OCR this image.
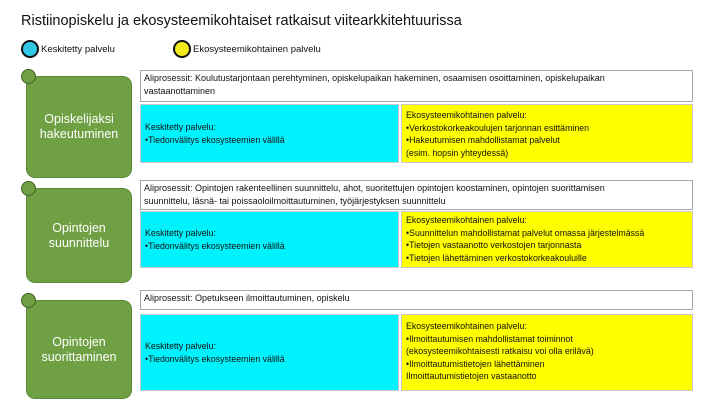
Ristiinopiskelu ja ekosysteemikohtaiset ratkaisut viitearkkitehtuurissa
Keskitetty palvelu	Ekosysteemikohtainen palvelu
Opiskelijaksi
hakeutuminen
Aliprosessit: Koulutustarjontaan perehtyminen, opiskelupaikan hakeminen, osaamisen osoittaminen, opiskelupaikan
vastaanottaminen
Keskitetty palvelu:
•Tiedonvälitys ekosysteemien välillä
Ekosysteemikohtainen palvelu:
•Verkostokorkeakoulujen tarjonnan esittäminen
•Hakeutumisen mahdollistamat palvelut
(esim. hopsin yhteydessä)
Opintojen
suunnittelu
Aliprosessit: Opintojen rakenteellinen suunnittelu, ahot, suoritettujen opintojen koostaminen, opintojen suorittamisen
suunnittelu, läsnä- tai poissaoloilmoittautuminen, työjärjestyksen suunnittelu
Keskitetty palvelu:
•Tiedonvälitys ekosysteemien välillä
Ekosysteemikohtainen palvelu:
•Suunnittelun mahdollistamat palvelut omassa järjestelmässä
•Tietojen vastaanotto verkostojen tarjonnasta
•Tietojen lähettäminen verkostokorkeakouluille
Opintojen
suorittaminen
Aliprosessit: Opetukseen ilmoittautuminen, opiskelu
Keskitetty palvelu:
•Tiedonvälitys ekosysteemien välillä
Ekosysteemikohtainen palvelu:
•Ilmoittautumisen mahdollistamat toiminnot
(ekosysteemikohtaisesti ratkaisu voi olla erilävä)
•Ilmoittautumistietojen lähettäminen
Ilmoittautumistietojen vastaanotto
